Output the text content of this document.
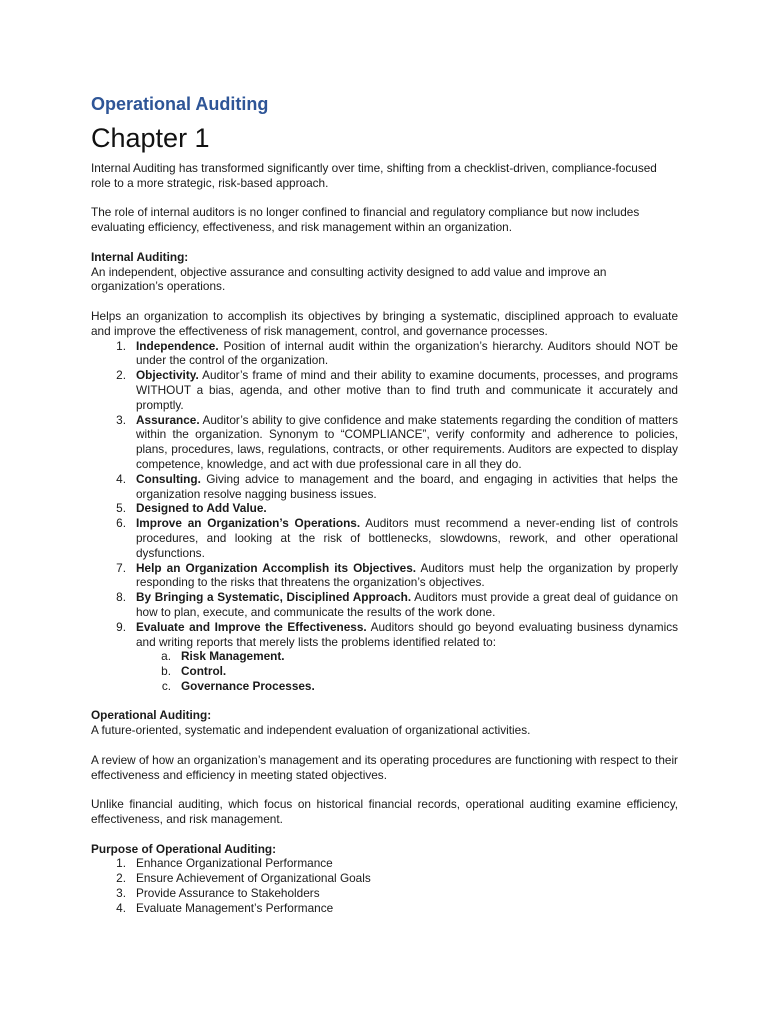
Operational Auditing
Chapter 1

Internal Auditing has transformed significantly over time, shifting from a checklist-driven, compliance-focused role to a more strategic, risk-based approach.

The role of internal auditors is no longer confined to financial and regulatory compliance but now includes evaluating efficiency, effectiveness, and risk management within an organization.

Internal Auditing:

An independent, objective assurance and consulting activity designed to add value and improve an organization’s operations.

Helps an organization to accomplish its objectives by bringing a systematic, disciplined approach to evaluate and improve the effectiveness of risk management, control, and governance processes.

1. Independence. Position of internal audit within the organization’s hierarchy. Auditors should NOT be under the control of the organization.
2. Objectivity. Auditor’s frame of mind and their ability to examine documents, processes, and programs WITHOUT a bias, agenda, and other motive than to find truth and communicate it accurately and promptly.
3. Assurance. Auditor’s ability to give confidence and make statements regarding the condition of matters within the organization. Synonym to “COMPLIANCE”, verify conformity and adherence to policies, plans, procedures, laws, regulations, contracts, or other requirements. Auditors are expected to display competence, knowledge, and act with due professional care in all they do.
4. Consulting. Giving advice to management and the board, and engaging in activities that helps the organization resolve nagging business issues.
5. Designed to Add Value.
6. Improve an Organization’s Operations. Auditors must recommend a never-ending list of controls procedures, and looking at the risk of bottlenecks, slowdowns, rework, and other operational dysfunctions.
7. Help an Organization Accomplish its Objectives. Auditors must help the organization by properly responding to the risks that threatens the organization’s objectives.
8. By Bringing a Systematic, Disciplined Approach. Auditors must provide a great deal of guidance on how to plan, execute, and communicate the results of the work done.
9. Evaluate and Improve the Effectiveness. Auditors should go beyond evaluating business dynamics and writing reports that merely lists the problems identified related to:
a. Risk Management.
b. Control.
c. Governance Processes.

Operational Auditing:

A future-oriented, systematic and independent evaluation of organizational activities.

A review of how an organization’s management and its operating procedures are functioning with respect to their effectiveness and efficiency in meeting stated objectives.

Unlike financial auditing, which focus on historical financial records, operational auditing examine efficiency, effectiveness, and risk management.

Purpose of Operational Auditing:

1. Enhance Organizational Performance
2. Ensure Achievement of Organizational Goals
3. Provide Assurance to Stakeholders
4. Evaluate Management’s Performance
